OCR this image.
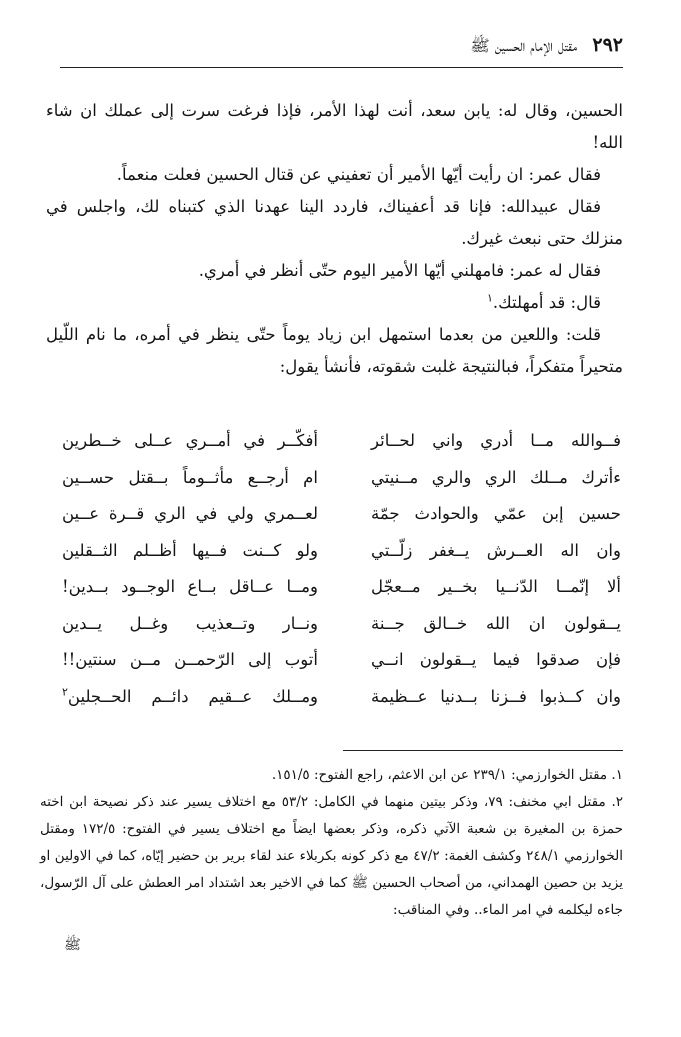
٢٩٢
مقتل الإمام الحسين ﷺ

الحسين، وقال له: يابن سعد، أنت لهذا الأمر، فإذا فرغت سرت إلى عملك ان شاء الله!

فقال عمر: ان رأيت أيّها الأمير أن تعفيني عن قتال الحسين فعلت منعماً.

فقال عبيدالله: فإنا قد أعفيناك، فاردد الينا عهدنا الذي كتبناه لك، واجلس في منزلك حتى نبعث غيرك.

فقال له عمر: فامهلني أيّها الأمير اليوم حتّى أنظر في أمري.

قال: قد أمهلتك.$^١$

قلت: واللعين من بعدما استمهل ابن زياد يوماً حتّى ينظر في أمره، ما نام اللّيل متحيراً متفكراً، فبالنتيجة غلبت شقوته، فأنشأ يقول:

فــوالله مــا أدري واني لحــائر
أفكّــر في أمــري عــلى خــطرين
ءأترك مــلك الري والري مــنيتي
ام أرجــع مأثــوماً بــقتل حســين
حسين إبن عمّي والحوادث جمّة
لعــمري ولي في الري قــرة عــين
وان اله العــرش يــغفر زلّــتي
ولو كــنت فــيها أظــلم الثــقلين
ألا إنّمــا الدّنــيا بخــير مــعجّل
ومــا عــاقل بــاع الوجــود بــدين!
يــقولون ان الله خــالق جــنة
ونــار وتــعذيب وغــل يــدين
فإن صدقوا فيما يــقولون انــي
أتوب إلى الرّحمــن مــن سنتين!!
وان كــذبوا فــزنا بــدنيا عــظيمة
ومــلك عــقيم دائــم الحــجلين$^٢$

١. مقتل الخوارزمي: ٢٣٩/١ عن ابن الاعثم، راجع الفتوح: ١٥١/٥.

٢. مقتل ابي مخنف: ٧٩، وذكر بيتين منهما في الكامل: ٥٣/٢ مع اختلاف يسير عند ذكر نصيحة ابن اخته حمزة بن المغيرة بن شعبة الآتي ذكره، وذكر بعضها ايضاً مع اختلاف يسير في الفتوح: ١٧٢/٥ ومقتل الخوارزمي ٢٤٨/١ وكشف الغمة: ٤٧/٢ مع ذكر كونه بكربلاء عند لقاء برير بن حضير إيّاه، كما في الاولين او يزيد بن حصين الهمداني، من أصحاب الحسين ﷺ كما في الاخير بعد اشتداد امر العطش على آل الرّسول، جاءه ليكلمه في امر الماء.. وفي المناقب:

ﷺ
